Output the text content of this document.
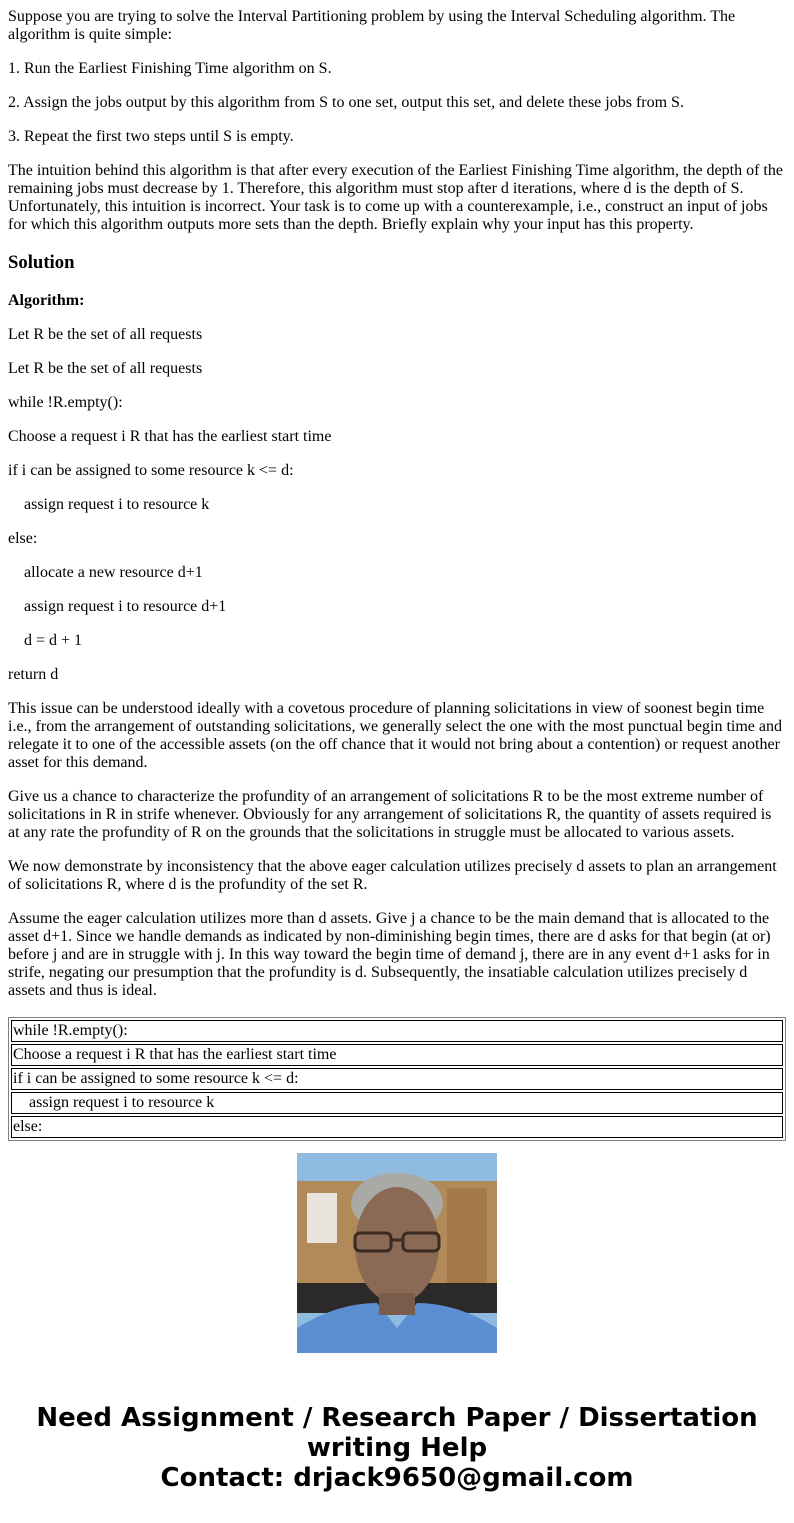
Suppose you are trying to solve the Interval Partitioning problem by using the Interval Scheduling algorithm. The algorithm is quite simple:

1. Run the Earliest Finishing Time algorithm on S.

2. Assign the jobs output by this algorithm from S to one set, output this set, and delete these jobs from S.

3. Repeat the first two steps until S is empty.

The intuition behind this algorithm is that after every execution of the Earliest Finishing Time algorithm, the depth of the remaining jobs must decrease by 1. Therefore, this algorithm must stop after d iterations, where d is the depth of S. Unfortunately, this intuition is incorrect. Your task is to come up with a counterexample, i.e., construct an input of jobs for which this algorithm outputs more sets than the depth. Briefly explain why your input has this property.

Solution

Algorithm:

Let R be the set of all requests

Let R be the set of all requests

while !R.empty():

Choose a request i R that has the earliest start time

if i can be assigned to some resource k <= d:

assign request i to resource k

else:

allocate a new resource d+1

assign request i to resource d+1

d = d + 1

return d

This issue can be understood ideally with a covetous procedure of planning solicitations in view of soonest begin time i.e., from the arrangement of outstanding solicitations, we generally select the one with the most punctual begin time and relegate it to one of the accessible assets (on the off chance that it would not bring about a contention) or request another asset for this demand.

Give us a chance to characterize the profundity of an arrangement of solicitations R to be the most extreme number of solicitations in R in strife whenever. Obviously for any arrangement of solicitations R, the quantity of assets required is at any rate the profundity of R on the grounds that the solicitations in struggle must be allocated to various assets.

We now demonstrate by inconsistency that the above eager calculation utilizes precisely d assets to plan an arrangement of solicitations R, where d is the profundity of the set R.

Assume the eager calculation utilizes more than d assets. Give j a chance to be the main demand that is allocated to the asset d+1. Since we handle demands as indicated by non-diminishing begin times, there are d asks for that begin (at or) before j and are in struggle with j. In this way toward the begin time of demand j, there are in any event d+1 asks for in strife, negating our presumption that the profundity is d. Subsequently, the insatiable calculation utilizes precisely d assets and thus is ideal.

while !R.empty():
Choose a request i R that has the earliest start time
if i can be assigned to some resource k <= d:
assign request i to resource k
else:
Need Assignment / Research Paper / Dissertation
writing Help
Contact: drjack9650@gmail.com
